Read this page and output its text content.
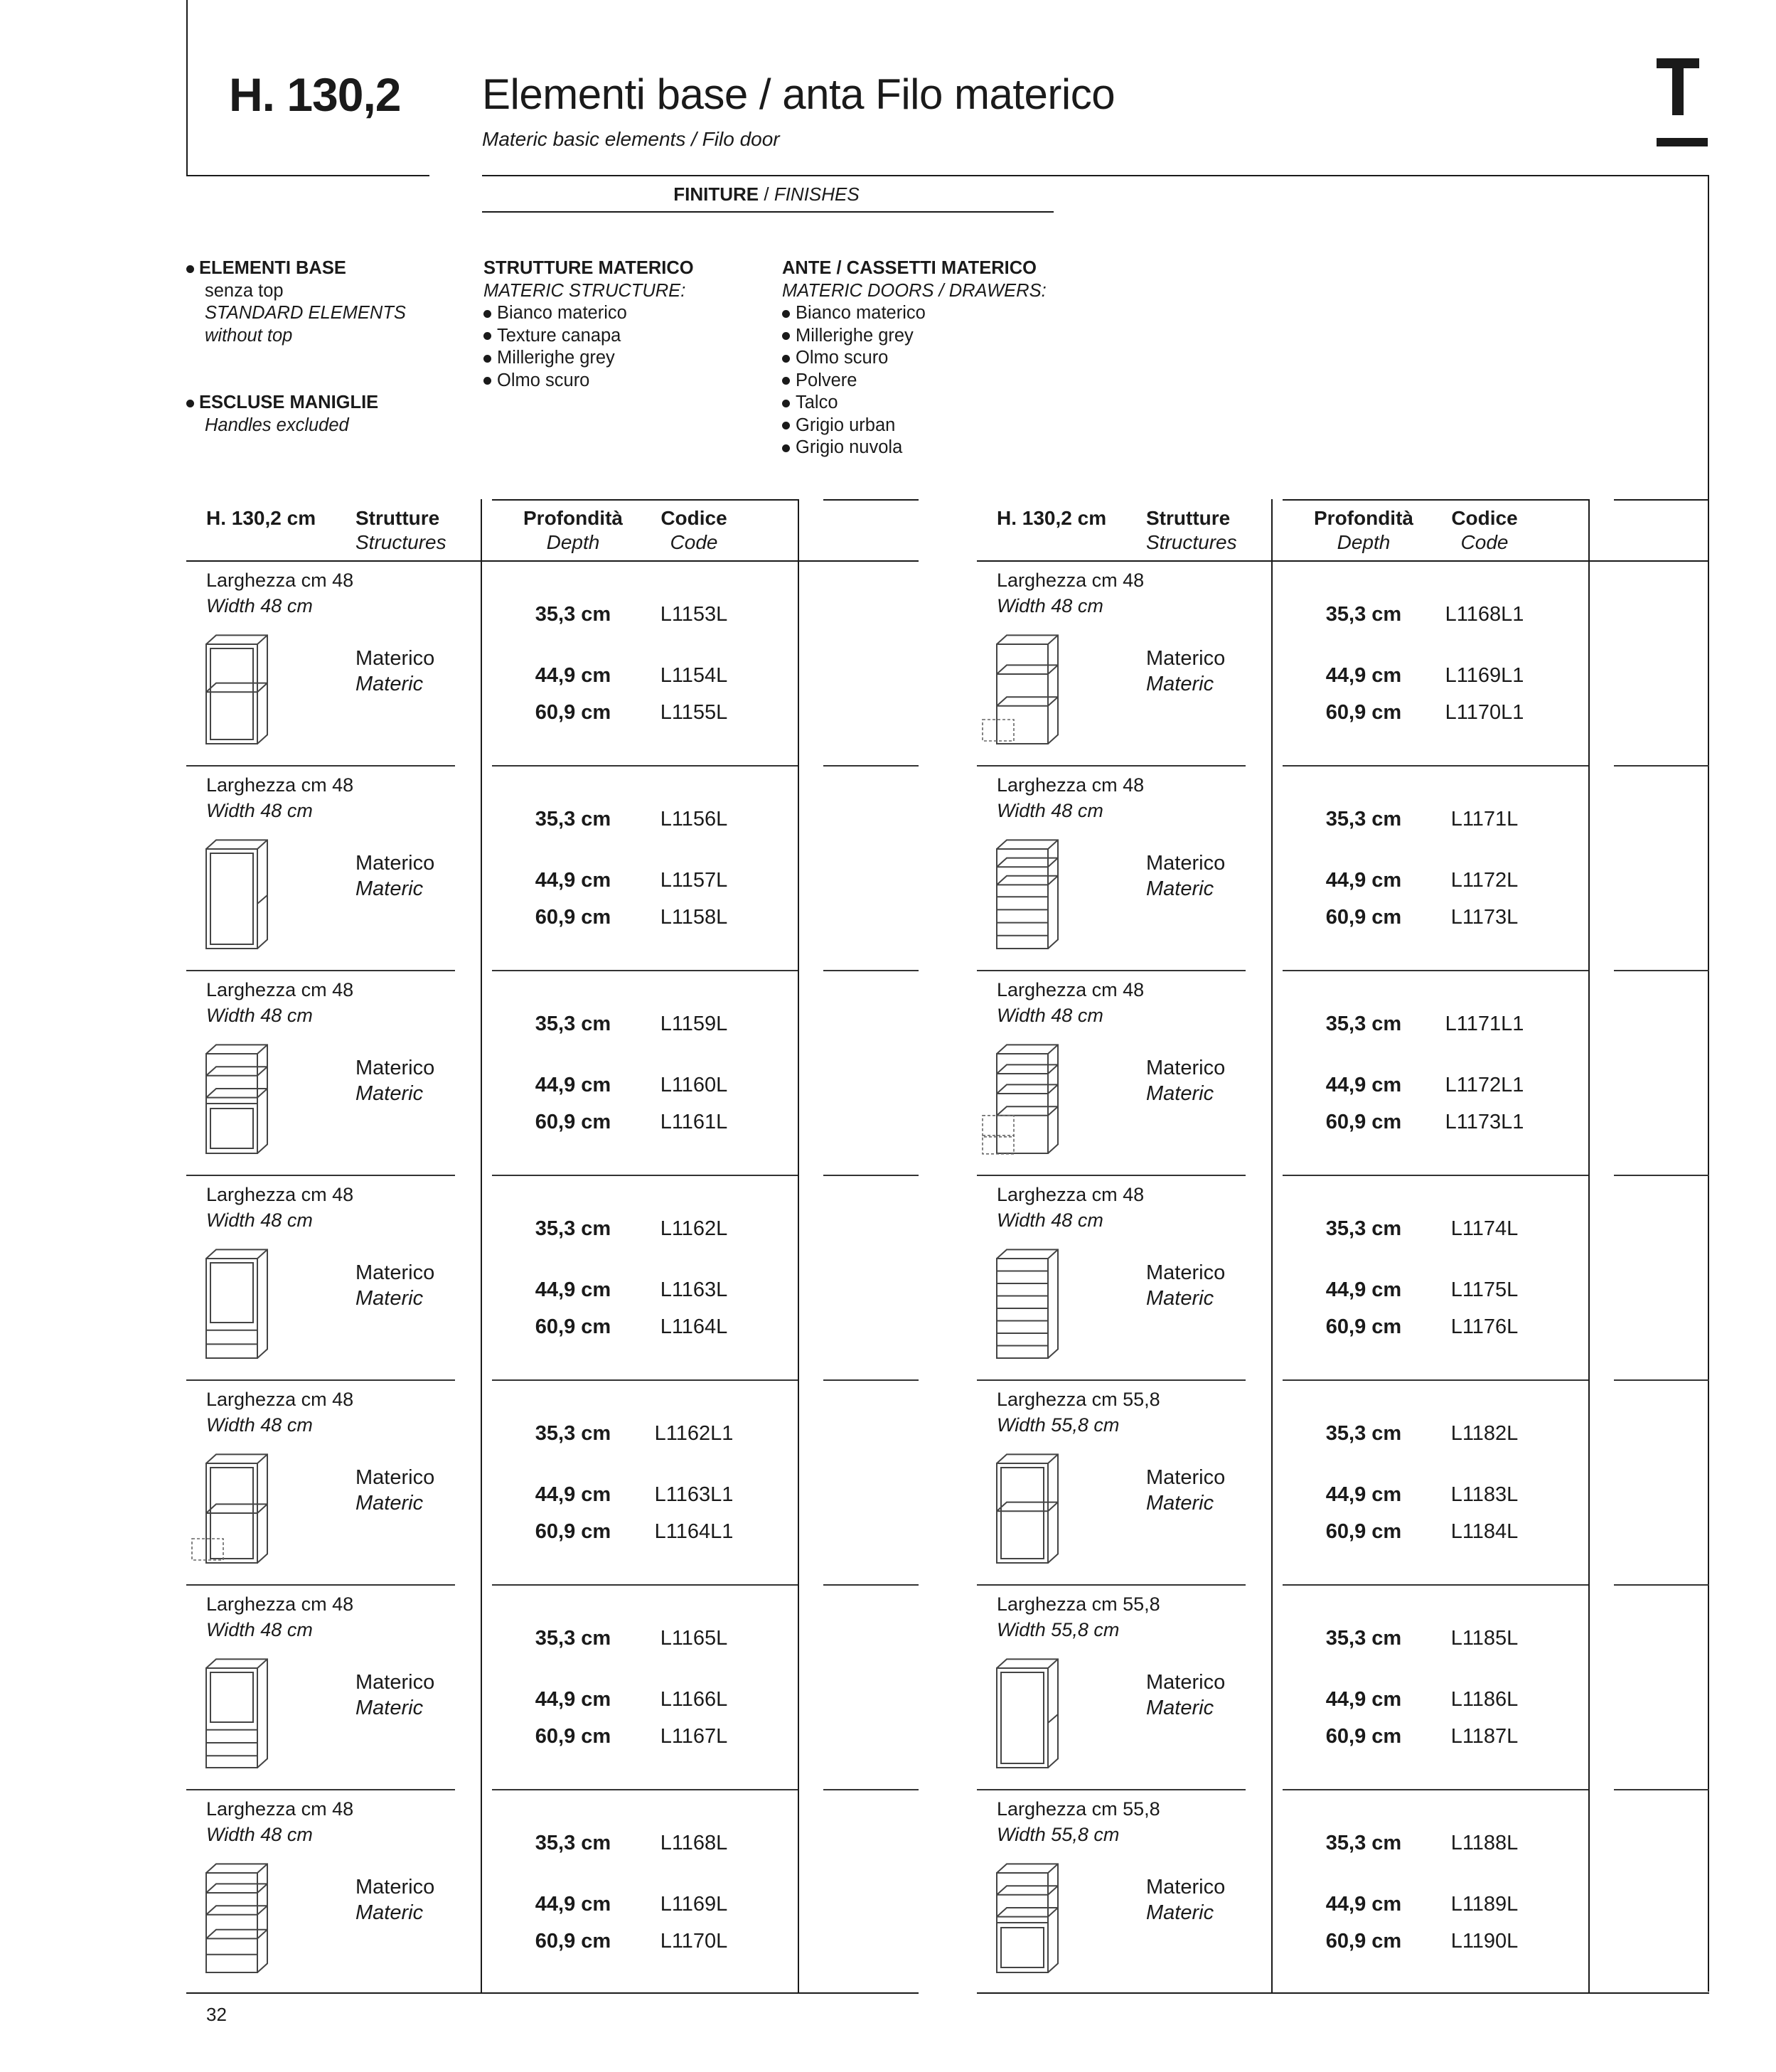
H. 130,2 Elementi base / anta Filo materico
Materic basic elements / Filo door
FINITURE / FINISHES
ELEMENTI BASE
senza top
STANDARD ELEMENTS
without top
ESCLUSE MANIGLIE
Handles excluded
STRUTTURE MATERICO
MATERIC STRUCTURE:
Bianco materico
Texture canapa
Millerighe grey
Olmo scuro
ANTE / CASSETTI MATERICO
MATERIC DOORS / DRAWERS:
Bianco materico
Millerighe grey
Olmo scuro
Polvere
Talco
Grigio urban
Grigio nuvola
H. 130,2 cm Strutture
Structures
Profondità
Depth
Codice
Code
Larghezza cm 48
Width 48 cm
Materico
Materic
35,3 cm	L1153L
44,9 cm	L1154L
60,9 cm	L1155L
Larghezza cm 48
Width 48 cm
Materico
Materic
35,3 cm	L1156L
44,9 cm	L1157L
60,9 cm	L1158L
Larghezza cm 48
Width 48 cm
Materico
Materic
35,3 cm	L1159L
44,9 cm	L1160L
60,9 cm	L1161L
Larghezza cm 48
Width 48 cm
Materico
Materic
35,3 cm	L1162L
44,9 cm	L1163L
60,9 cm	L1164L
Larghezza cm 48
Width 48 cm
Materico
Materic
35,3 cm	L1162L1
44,9 cm	L1163L1
60,9 cm	L1164L1
Larghezza cm 48
Width 48 cm
Materico
Materic
35,3 cm	L1165L
44,9 cm	L1166L
60,9 cm	L1167L
Larghezza cm 48
Width 48 cm
Materico
Materic
35,3 cm	L1168L
44,9 cm	L1169L
60,9 cm	L1170L
H. 130,2 cm Strutture
Structures
Profondità
Depth
Codice
Code
Larghezza cm 48
Width 48 cm
Materico
Materic
35,3 cm	L1168L1
44,9 cm	L1169L1
60,9 cm	L1170L1
Larghezza cm 48
Width 48 cm
Materico
Materic
35,3 cm	L1171L
44,9 cm	L1172L
60,9 cm	L1173L
Larghezza cm 48
Width 48 cm
Materico
Materic
35,3 cm	L1171L1
44,9 cm	L1172L1
60,9 cm	L1173L1
Larghezza cm 48
Width 48 cm
Materico
Materic
35,3 cm	L1174L
44,9 cm	L1175L
60,9 cm	L1176L
Larghezza cm 55,8
Width 55,8 cm
Materico
Materic
35,3 cm	L1182L
44,9 cm	L1183L
60,9 cm	L1184L
Larghezza cm 55,8
Width 55,8 cm
Materico
Materic
35,3 cm	L1185L
44,9 cm	L1186L
60,9 cm	L1187L
Larghezza cm 55,8
Width 55,8 cm
Materico
Materic
35,3 cm	L1188L
44,9 cm	L1189L
60,9 cm	L1190L
32
